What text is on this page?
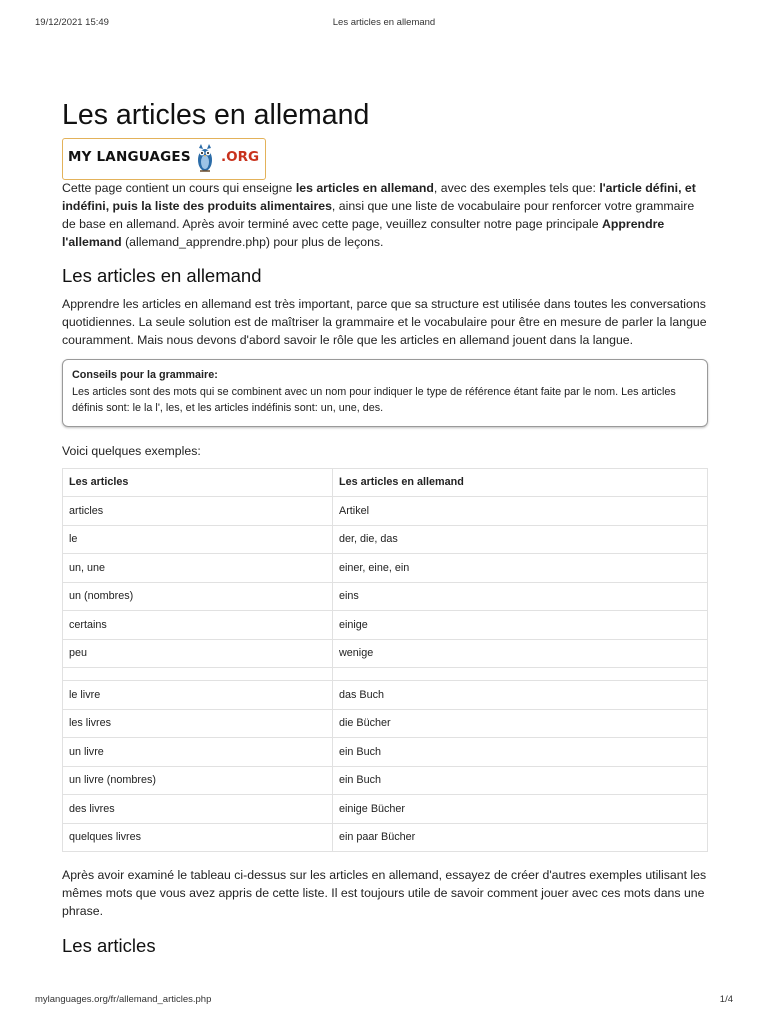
19/12/2021 15:49	Les articles en allemand
Les articles en allemand
MY LANGUAGES .ORG

Cette page contient un cours qui enseigne les articles en allemand, avec des exemples tels que: l'article défini, et indéfini, puis la liste des produits alimentaires, ainsi que une liste de vocabulaire pour renforcer votre grammaire de base en allemand. Après avoir terminé avec cette page, veuillez consulter notre page principale Apprendre l'allemand (allemand_apprendre.php) pour plus de leçons.

Les articles en allemand

Apprendre les articles en allemand est très important, parce que sa structure est utilisée dans toutes les conversations quotidiennes. La seule solution est de maîtriser la grammaire et le vocabulaire pour être en mesure de parler la langue couramment. Mais nous devons d'abord savoir le rôle que les articles en allemand jouent dans la langue.

Conseils pour la grammaire:
Les articles sont des mots qui se combinent avec un nom pour indiquer le type de référence étant faite par le nom. Les articles définis sont: le la l', les, et les articles indéfinis sont: un, une, des.

Voici quelques exemples:

Les articles	Les articles en allemand
articles	Artikel
le	der, die, das
un, une	einer, eine, ein
un (nombres)	eins
certains	einige
peu	wenige

le livre	das Buch
les livres	die Bücher
un livre	ein Buch
un livre (nombres)	ein Buch
des livres	einige Bücher
quelques livres	ein paar Bücher

Après avoir examiné le tableau ci-dessus sur les articles en allemand, essayez de créer d'autres exemples utilisant les mêmes mots que vous avez appris de cette liste. Il est toujours utile de savoir comment jouer avec ces mots dans une phrase.

Les articles
mylanguages.org/fr/allemand_articles.php	1/4
